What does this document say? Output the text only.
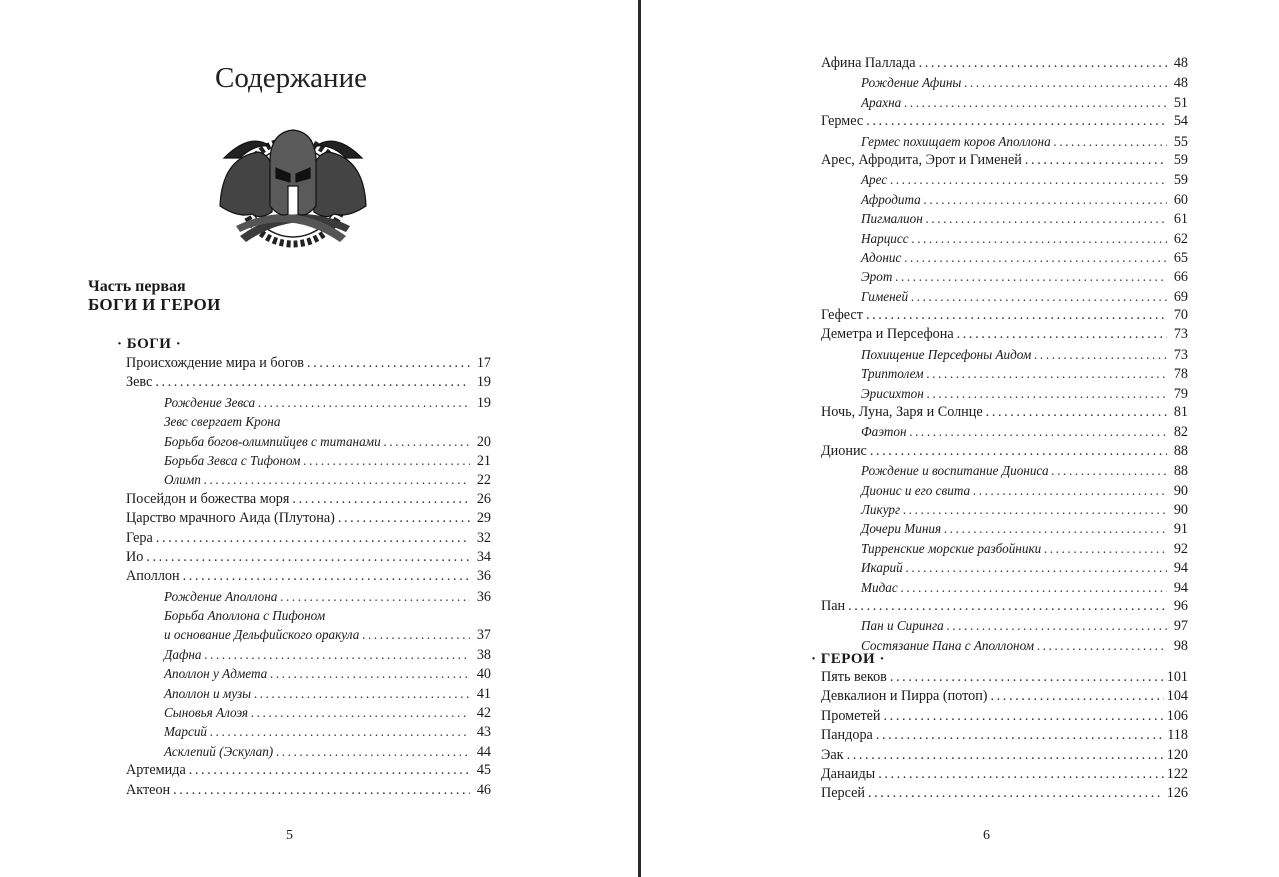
Содержание
Часть первая
БОГИ И ГЕРОИ
· БОГИ ·
Происхождение мира и богов .....	17
Зевс .....	19
Рождение Зевса .....	19
Зевс свергает Крона
Борьба богов-олимпийцев с титанами .....	20
Борьба Зевса с Тифоном .....	21
Олимп .....	22
Посейдон и божества моря .....	26
Царство мрачного Аида (Плутона) .....	29
Гера .....	32
Ио .....	34
Аполлон .....	36
Рождение Аполлона .....	36
Борьба Аполлона с Пифоном
и основание Дельфийского оракула .....	37
Дафна .....	38
Аполлон у Адмета .....	40
Аполлон и музы .....	41
Сыновья Алоэя .....	42
Марсий .....	43
Асклепий (Эскулап) .....	44
Артемида .....	45
Актеон .....	46
5
Афина Паллада .....	48
Рождение Афины .....	48
Арахна .....	51
Гермес .....	54
Гермес похищает коров Аполлона .....	55
Арес, Афродита, Эрот и Гименей .....	59
Арес .....	59
Афродита .....	60
Пигмалион .....	61
Нарцисс .....	62
Адонис .....	65
Эрот .....	66
Гименей .....	69
Гефест .....	70
Деметра и Персефона .....	73
Похищение Персефоны Аидом .....	73
Триптолем .....	78
Эрисихтон .....	79
Ночь, Луна, Заря и Солнце .....	81
Фаэтон .....	82
Дионис .....	88
Рождение и воспитание Диониса .....	88
Дионис и его свита .....	90
Ликург .....	90
Дочери Миния .....	91
Тирренские морские разбойники .....	92
Икарий .....	94
Мидас .....	94
Пан .....	96
Пан и Сиринга .....	97
Состязание Пана с Аполлоном .....	98
· ГЕРОИ ·
Пять веков .....	101
Девкалион и Пирра (потоп) .....	104
Прометей .....	106
Пандора .....	118
Эак .....	120
Данаиды .....	122
Персей .....	126
6
